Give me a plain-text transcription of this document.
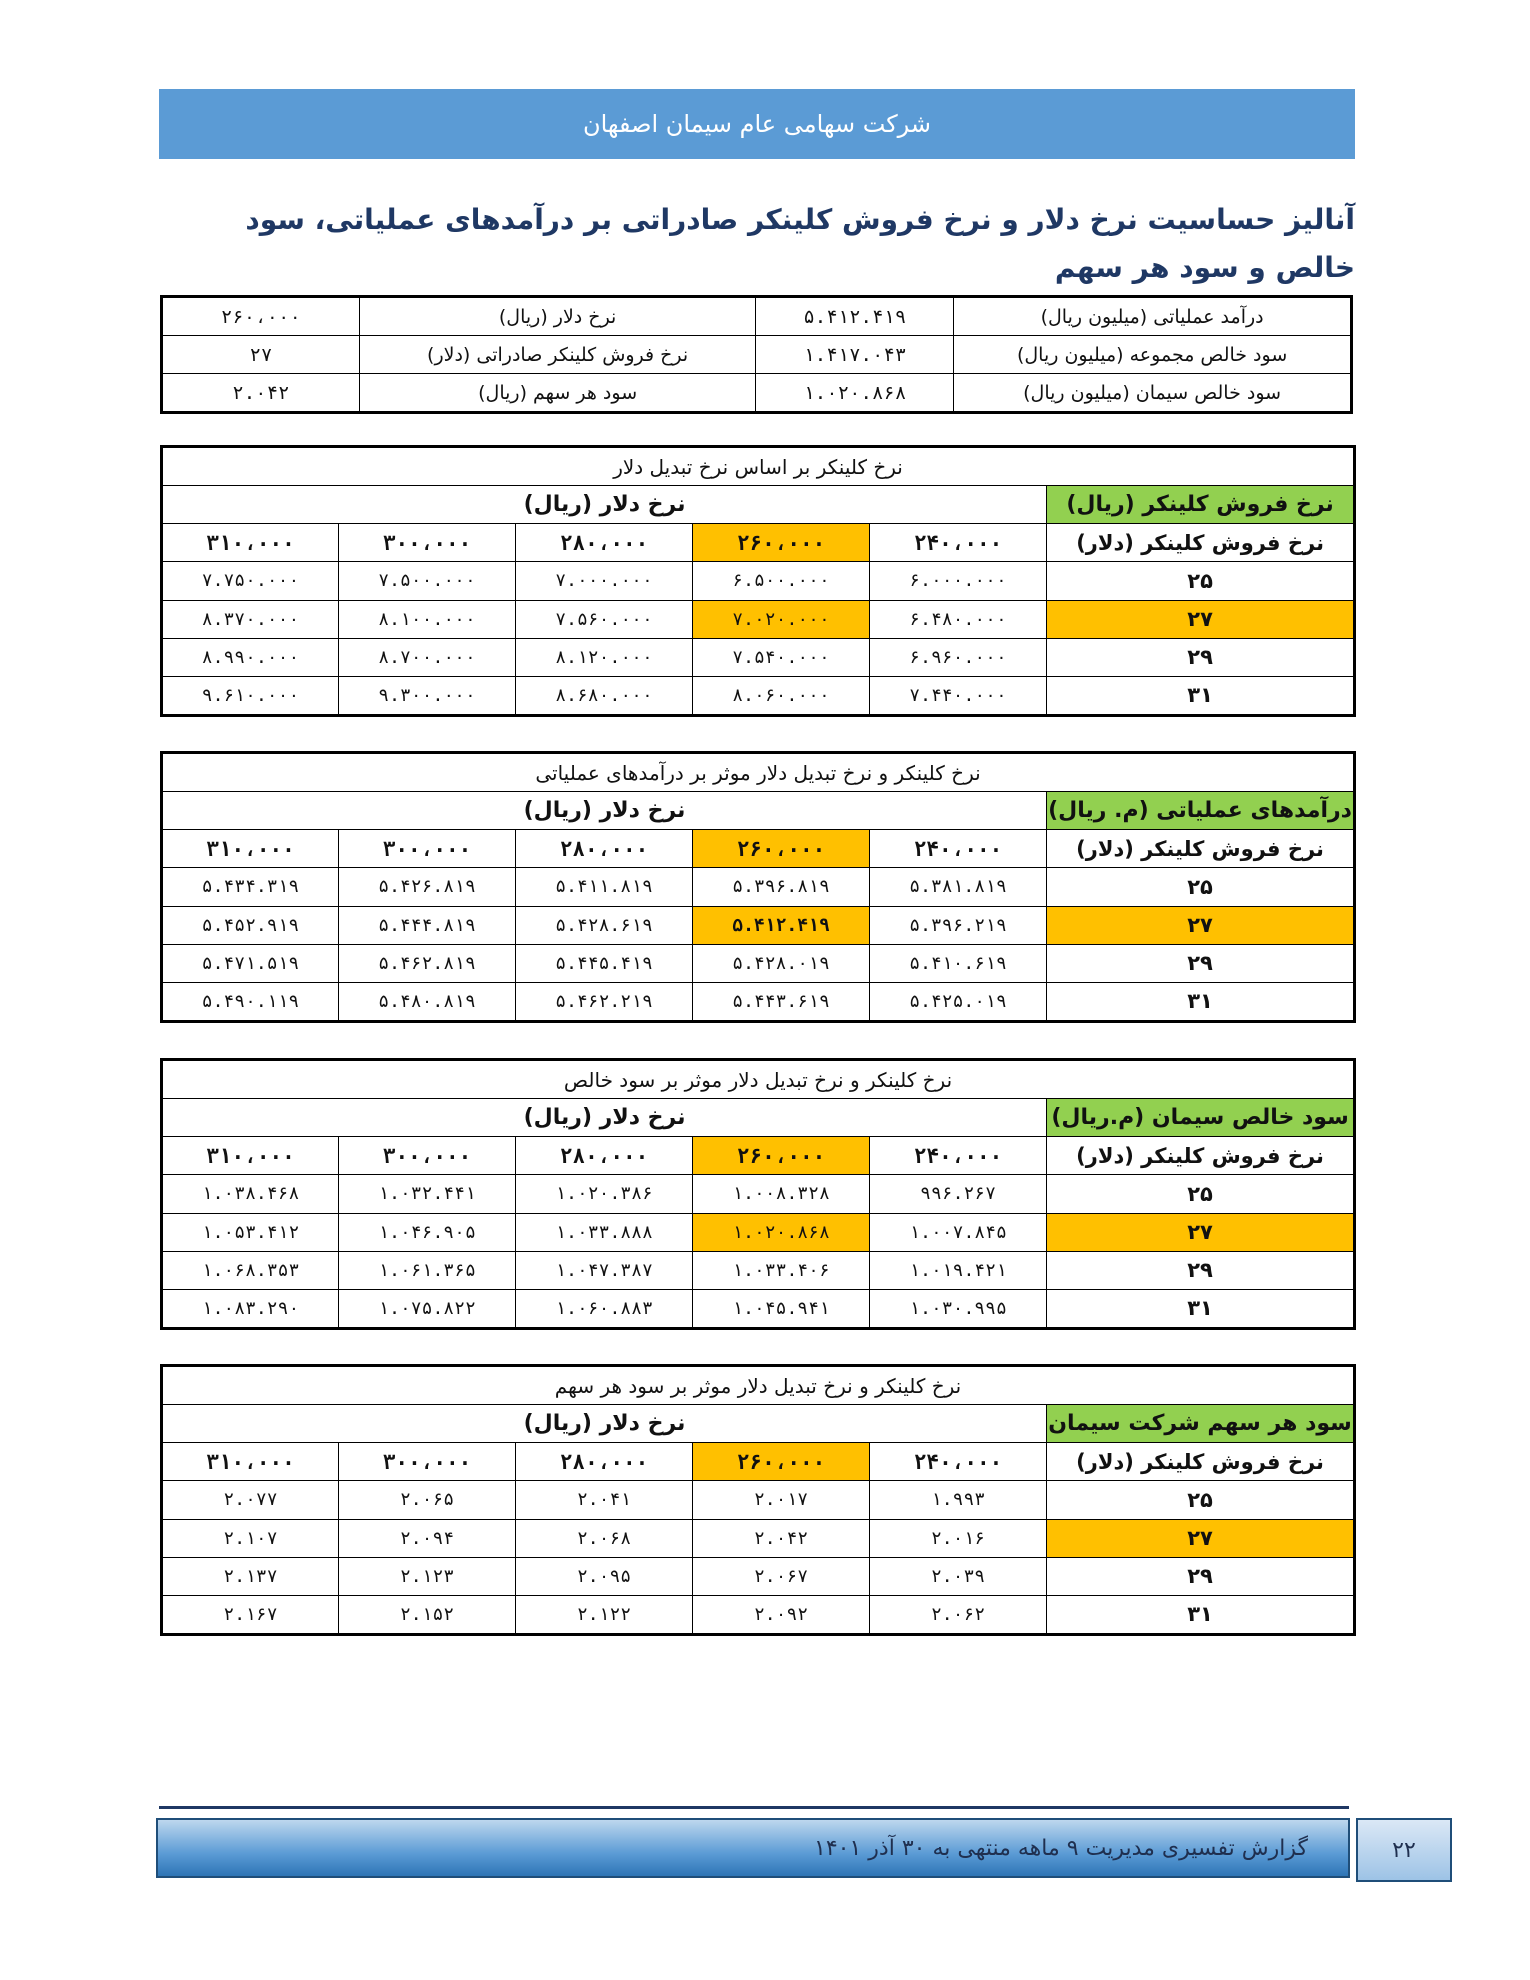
شرکت سهامی عام سیمان اصفهان
آنالیز حساسیت نرخ دلار و نرخ فروش کلینکر صادراتی بر درآمدهای عملیاتی، سود خالص و سود هر سهم
درآمد عملیاتی (میلیون ریال)	۵.۴۱۲.۴۱۹	نرخ دلار (ریال)	۲۶۰،۰۰۰
سود خالص مجموعه (میلیون ریال)	۱.۴۱۷.۰۴۳	نرخ فروش کلینکر صادراتی (دلار)	۲۷
سود خالص سیمان (میلیون ریال)	۱.۰۲۰.۸۶۸	سود هر سهم (ریال)	۲.۰۴۲
نرخ کلینکر بر اساس نرخ تبدیل دلار					
نرخ فروش کلینکر (ریال)	نرخ دلار (ریال)				
نرخ فروش کلینکر (دلار)	۲۴۰،۰۰۰	۲۶۰،۰۰۰	۲۸۰،۰۰۰	۳۰۰،۰۰۰	۳۱۰،۰۰۰
۲۵	۶.۰۰۰.۰۰۰	۶.۵۰۰.۰۰۰	۷.۰۰۰.۰۰۰	۷.۵۰۰.۰۰۰	۷.۷۵۰.۰۰۰
۲۷	۶.۴۸۰.۰۰۰	۷.۰۲۰.۰۰۰	۷.۵۶۰.۰۰۰	۸.۱۰۰.۰۰۰	۸.۳۷۰.۰۰۰
۲۹	۶.۹۶۰.۰۰۰	۷.۵۴۰.۰۰۰	۸.۱۲۰.۰۰۰	۸.۷۰۰.۰۰۰	۸.۹۹۰.۰۰۰
۳۱	۷.۴۴۰.۰۰۰	۸.۰۶۰.۰۰۰	۸.۶۸۰.۰۰۰	۹.۳۰۰.۰۰۰	۹.۶۱۰.۰۰۰
نرخ کلینکر و نرخ تبدیل دلار موثر بر درآمدهای عملیاتی					
درآمدهای عملیاتی (م. ریال)	نرخ دلار (ریال)				
نرخ فروش کلینکر (دلار)	۲۴۰،۰۰۰	۲۶۰،۰۰۰	۲۸۰،۰۰۰	۳۰۰،۰۰۰	۳۱۰،۰۰۰
۲۵	۵.۳۸۱.۸۱۹	۵.۳۹۶.۸۱۹	۵.۴۱۱.۸۱۹	۵.۴۲۶.۸۱۹	۵.۴۳۴.۳۱۹
۲۷	۵.۳۹۶.۲۱۹	۵.۴۱۲.۴۱۹	۵.۴۲۸.۶۱۹	۵.۴۴۴.۸۱۹	۵.۴۵۲.۹۱۹
۲۹	۵.۴۱۰.۶۱۹	۵.۴۲۸.۰۱۹	۵.۴۴۵.۴۱۹	۵.۴۶۲.۸۱۹	۵.۴۷۱.۵۱۹
۳۱	۵.۴۲۵.۰۱۹	۵.۴۴۳.۶۱۹	۵.۴۶۲.۲۱۹	۵.۴۸۰.۸۱۹	۵.۴۹۰.۱۱۹
نرخ کلینکر و نرخ تبدیل دلار موثر بر سود خالص					
سود خالص سیمان (م.ریال)	نرخ دلار (ریال)				
نرخ فروش کلینکر (دلار)	۲۴۰،۰۰۰	۲۶۰،۰۰۰	۲۸۰،۰۰۰	۳۰۰،۰۰۰	۳۱۰،۰۰۰
۲۵	۹۹۶.۲۶۷	۱.۰۰۸.۳۲۸	۱.۰۲۰.۳۸۶	۱.۰۳۲.۴۴۱	۱.۰۳۸.۴۶۸
۲۷	۱.۰۰۷.۸۴۵	۱.۰۲۰.۸۶۸	۱.۰۳۳.۸۸۸	۱.۰۴۶.۹۰۵	۱.۰۵۳.۴۱۲
۲۹	۱.۰۱۹.۴۲۱	۱.۰۳۳.۴۰۶	۱.۰۴۷.۳۸۷	۱.۰۶۱.۳۶۵	۱.۰۶۸.۳۵۳
۳۱	۱.۰۳۰.۹۹۵	۱.۰۴۵.۹۴۱	۱.۰۶۰.۸۸۳	۱.۰۷۵.۸۲۲	۱.۰۸۳.۲۹۰
نرخ کلینکر و نرخ تبدیل دلار موثر بر سود هر سهم					
سود هر سهم شرکت سیمان	نرخ دلار (ریال)				
نرخ فروش کلینکر (دلار)	۲۴۰،۰۰۰	۲۶۰،۰۰۰	۲۸۰،۰۰۰	۳۰۰،۰۰۰	۳۱۰،۰۰۰
۲۵	۱.۹۹۳	۲.۰۱۷	۲.۰۴۱	۲.۰۶۵	۲.۰۷۷
۲۷	۲.۰۱۶	۲.۰۴۲	۲.۰۶۸	۲.۰۹۴	۲.۱۰۷
۲۹	۲.۰۳۹	۲.۰۶۷	۲.۰۹۵	۲.۱۲۳	۲.۱۳۷
۳۱	۲.۰۶۲	۲.۰۹۲	۲.۱۲۲	۲.۱۵۲	۲.۱۶۷
گزارش تفسیری مدیریت ۹ ماهه منتهی به ۳۰ آذر ۱۴۰۱	۲۲
